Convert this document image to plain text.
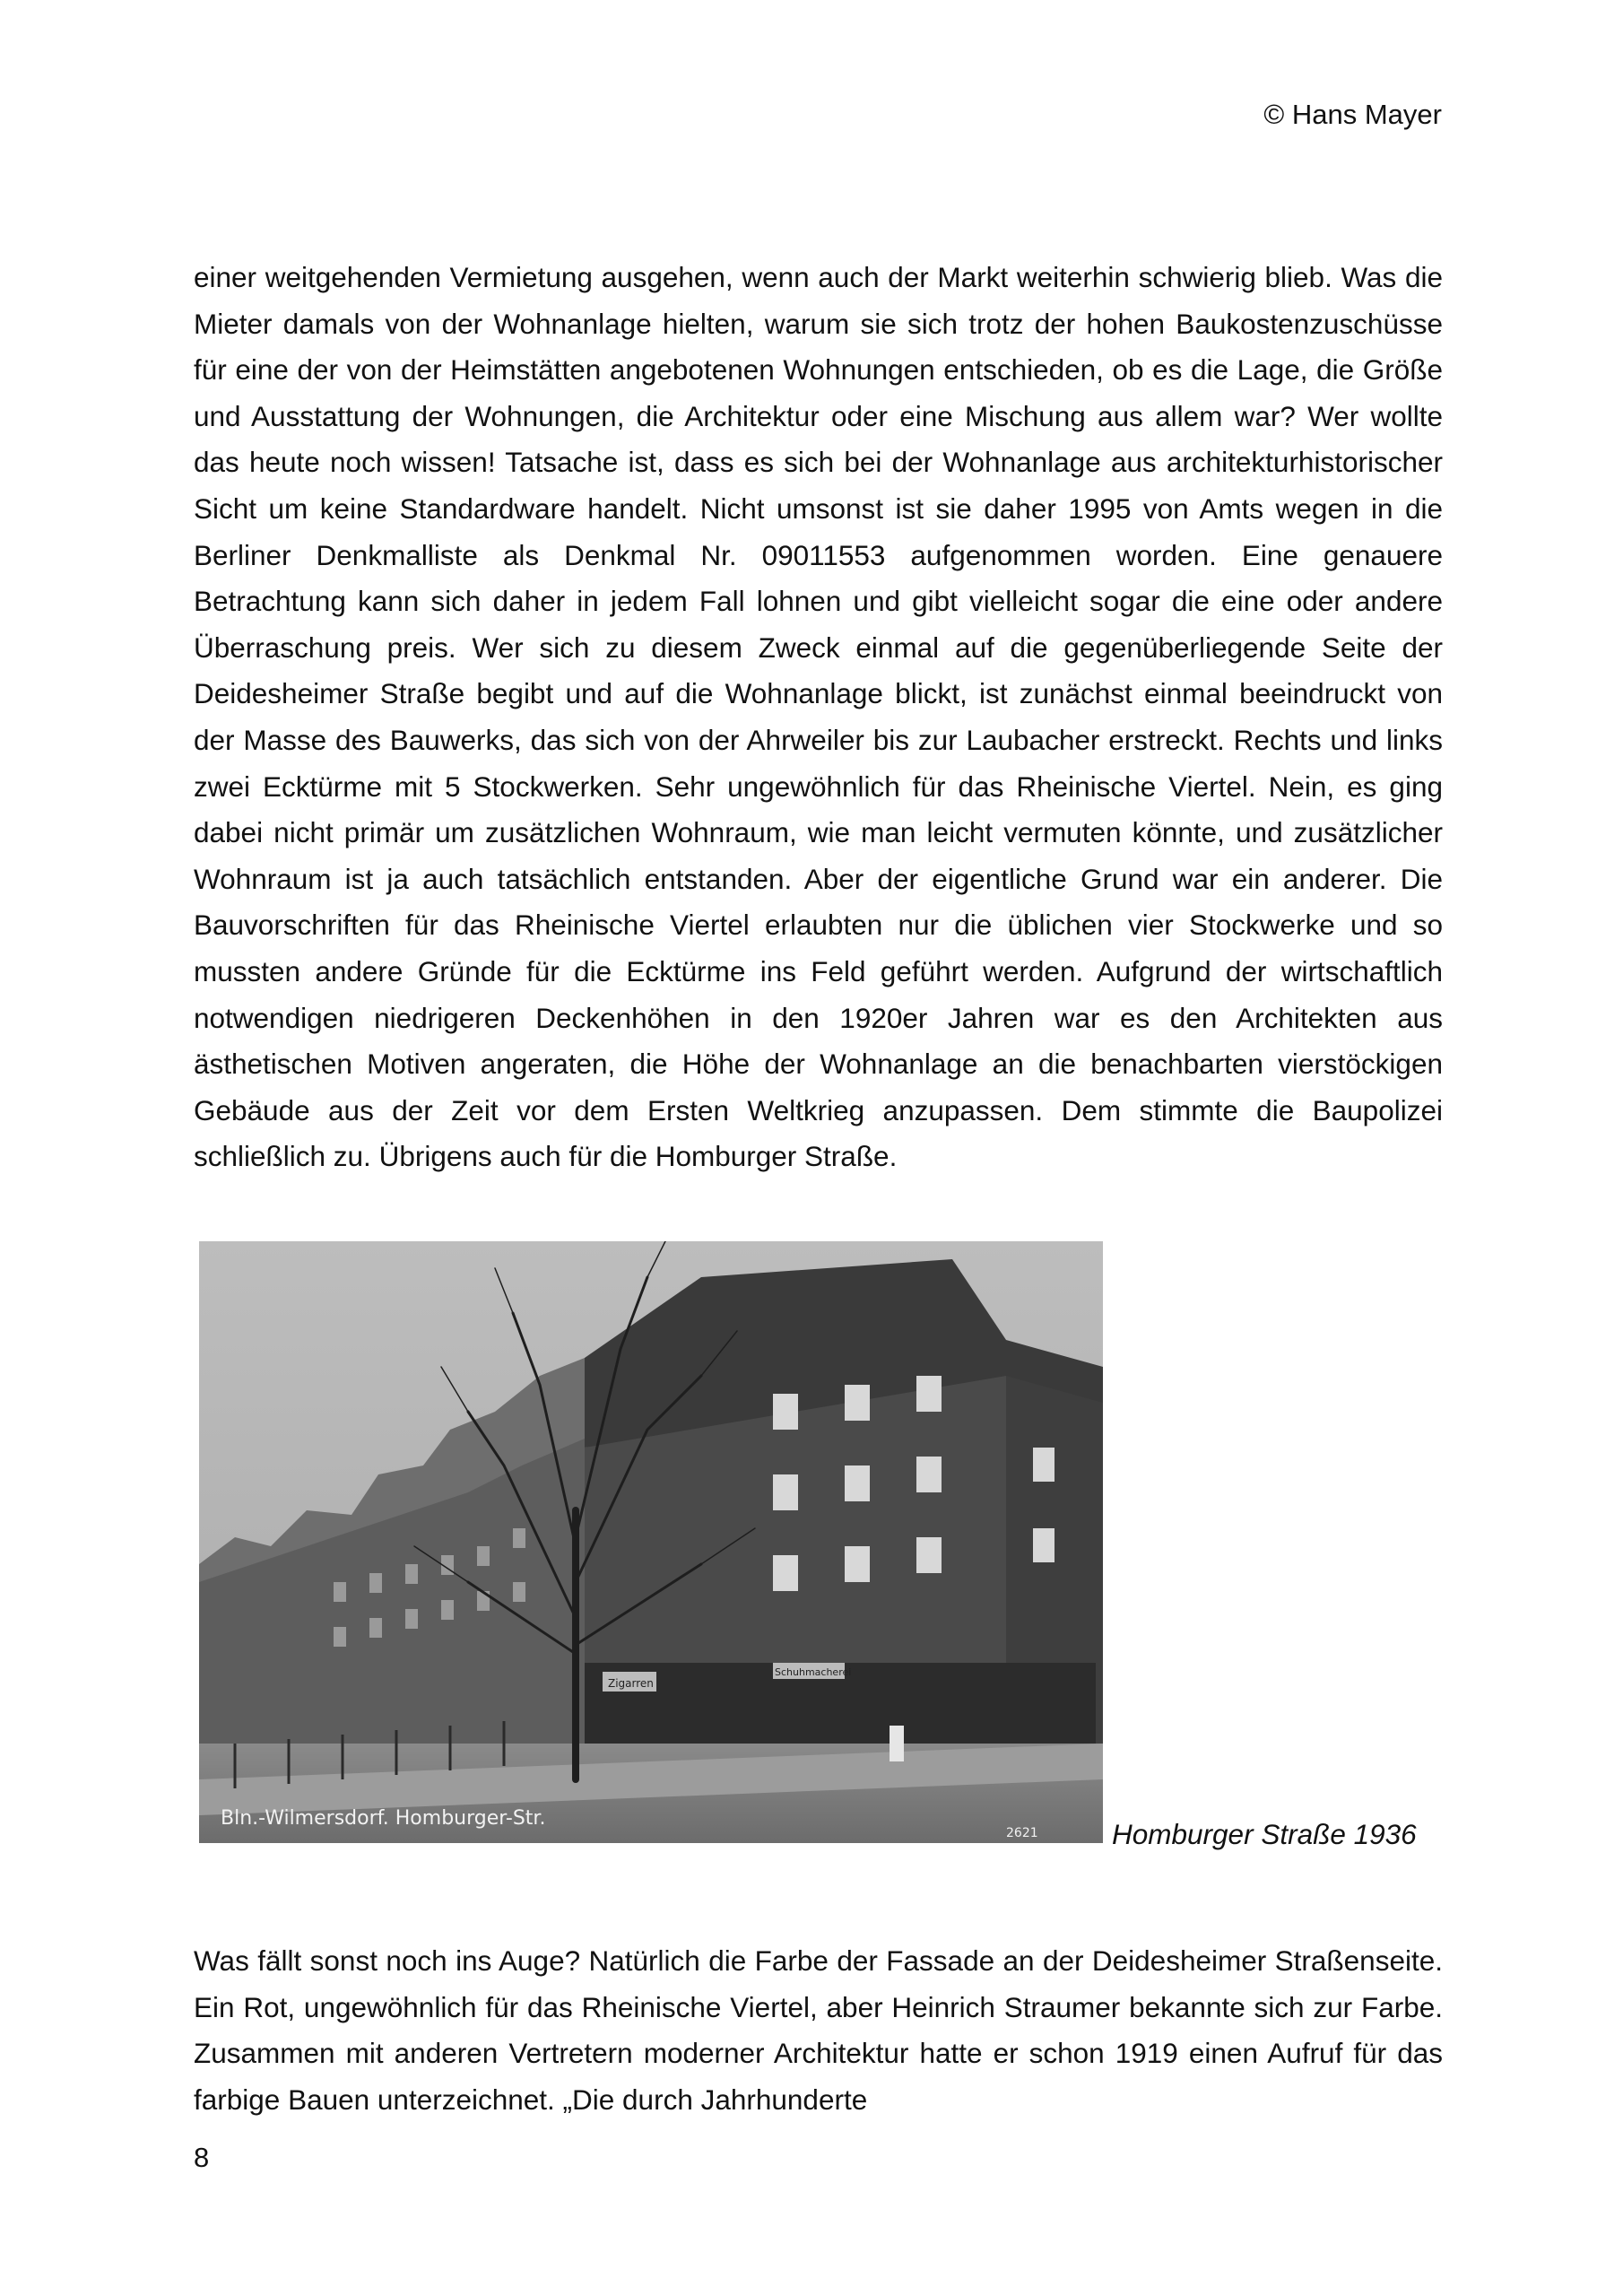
© Hans Mayer

einer weitgehenden Vermietung ausgehen, wenn auch der Markt weiterhin schwierig blieb. Was die Mieter damals von der Wohnanlage hielten, warum sie sich trotz der hohen Baukostenzuschüsse für eine der von der Heimstätten angebotenen Wohnungen entschieden, ob es die Lage, die Größe und Ausstattung der Wohnungen, die Architektur oder eine Mischung aus allem war? Wer wollte das heute noch wissen! Tatsache ist, dass es sich bei der Wohnanlage aus architekturhistorischer Sicht um keine Standardware handelt. Nicht umsonst ist sie daher 1995 von Amts wegen in die Berliner Denkmalliste als Denkmal Nr. 09011553 aufgenommen worden. Eine genauere Betrachtung kann sich daher in jedem Fall lohnen und gibt vielleicht sogar die eine oder andere Überraschung preis. Wer sich zu diesem Zweck einmal auf die gegenüberliegende Seite der Deidesheimer Straße begibt und auf die Wohnanlage blickt, ist zunächst einmal beeindruckt von der Masse des Bauwerks, das sich von der Ahrweiler bis zur Laubacher erstreckt. Rechts und links zwei Ecktürme mit 5 Stockwerken. Sehr ungewöhnlich für das Rheinische Viertel. Nein, es ging dabei nicht primär um zusätzlichen Wohnraum, wie man leicht vermuten könnte, und zusätzlicher Wohnraum ist ja auch tatsächlich entstanden. Aber der eigentliche Grund war ein anderer. Die Bauvorschriften für das Rheinische Viertel erlaubten nur die üblichen vier Stockwerke und so mussten andere Gründe für die Ecktürme ins Feld geführt werden. Aufgrund der wirtschaftlich notwendigen niedrigeren Deckenhöhen in den 1920er Jahren war es den Architekten aus ästhetischen Motiven angeraten, die Höhe der Wohnanlage an die benachbarten vierstöckigen Gebäude aus der Zeit vor dem Ersten Weltkrieg anzupassen. Dem stimmte die Baupolizei schließlich zu. Übrigens auch für die Homburger Straße.

Zigarren
Schuhmacherei
Bln.-Wilmersdorf. Homburger-Str.
2621	Homburger Straße 1936

Was fällt sonst noch ins Auge? Natürlich die Farbe der Fassade an der Deidesheimer Straßenseite. Ein Rot, ungewöhnlich für das Rheinische Viertel, aber Heinrich Straumer bekannte sich zur Farbe. Zusammen mit anderen Vertretern moderner Architektur hatte er schon 1919 einen Aufruf für das farbige Bauen unterzeichnet. „Die durch Jahrhunderte

8
